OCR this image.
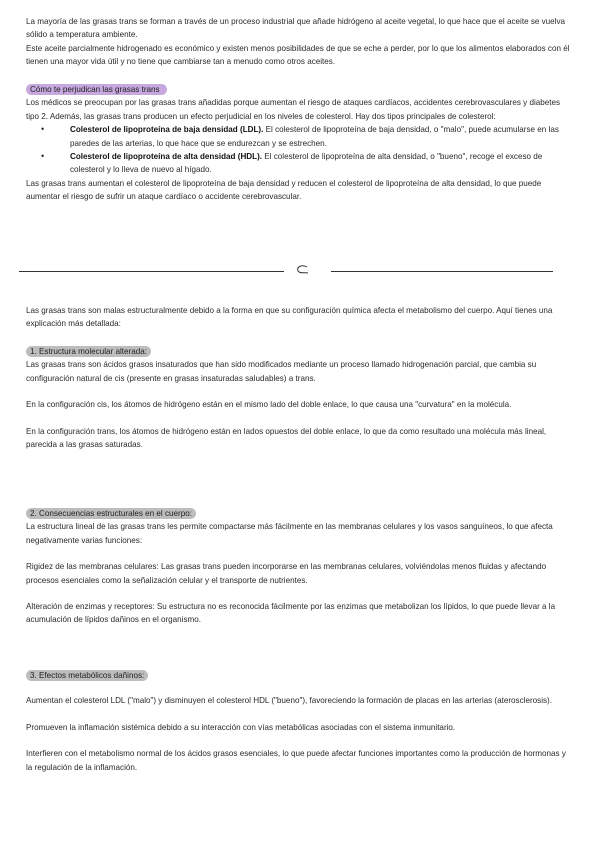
La mayoría de las grasas trans se forman a través de un proceso industrial que añade hidrógeno al aceite vegetal, lo que hace que el aceite se vuelva sólido a temperatura ambiente.

Este aceite parcialmente hidrogenado es económico y existen menos posibilidades de que se eche a perder, por lo que los alimentos elaborados con él tienen una mayor vida útil y no tiene que cambiarse tan a menudo como otros aceites.

Cómo te perjudican las grasas trans

Los médicos se preocupan por las grasas trans añadidas porque aumentan el riesgo de ataques cardíacos, accidentes cerebrovasculares y diabetes tipo 2. Además, las grasas trans producen un efecto perjudicial en los niveles de colesterol. Hay dos tipos principales de colesterol:

•	Colesterol de lipoproteína de baja densidad (LDL). El colesterol de lipoproteína de baja densidad, o "malo", puede acumularse en las paredes de las arterias, lo que hace que se endurezcan y se estrechen.
•	Colesterol de lipoproteína de alta densidad (HDL). El colesterol de lipoproteína de alta densidad, o "bueno", recoge el exceso de colesterol y lo lleva de nuevo al hígado.

Las grasas trans aumentan el colesterol de lipoproteína de baja densidad y reducen el colesterol de lipoproteína de alta densidad, lo que puede aumentar el riesgo de sufrir un ataque cardíaco o accidente cerebrovascular.

Las grasas trans son malas estructuralmente debido a la forma en que su configuración química afecta el metabolismo del cuerpo. Aquí tienes una explicación más detallada:

1. Estructura molecular alterada:

Las grasas trans son ácidos grasos insaturados que han sido modificados mediante un proceso llamado hidrogenación parcial, que cambia su configuración natural de cis (presente en grasas insaturadas saludables) a trans.

En la configuración cis, los átomos de hidrógeno están en el mismo lado del doble enlace, lo que causa una "curvatura" en la molécula.

En la configuración trans, los átomos de hidrógeno están en lados opuestos del doble enlace, lo que da como resultado una molécula más lineal, parecida a las grasas saturadas.

2. Consecuencias estructurales en el cuerpo:

La estructura lineal de las grasas trans les permite compactarse más fácilmente en las membranas celulares y los vasos sanguíneos, lo que afecta negativamente varias funciones:

Rigidez de las membranas celulares: Las grasas trans pueden incorporarse en las membranas celulares, volviéndolas menos fluidas y afectando procesos esenciales como la señalización celular y el transporte de nutrientes.

Alteración de enzimas y receptores: Su estructura no es reconocida fácilmente por las enzimas que metabolizan los lípidos, lo que puede llevar a la acumulación de lípidos dañinos en el organismo.

3. Efectos metabólicos dañinos:

Aumentan el colesterol LDL ("malo") y disminuyen el colesterol HDL ("bueno"), favoreciendo la formación de placas en las arterias (aterosclerosis).

Promueven la inflamación sistémica debido a su interacción con vías metabólicas asociadas con el sistema inmunitario.

Interfieren con el metabolismo normal de los ácidos grasos esenciales, lo que puede afectar funciones importantes como la producción de hormonas y la regulación de la inflamación.
